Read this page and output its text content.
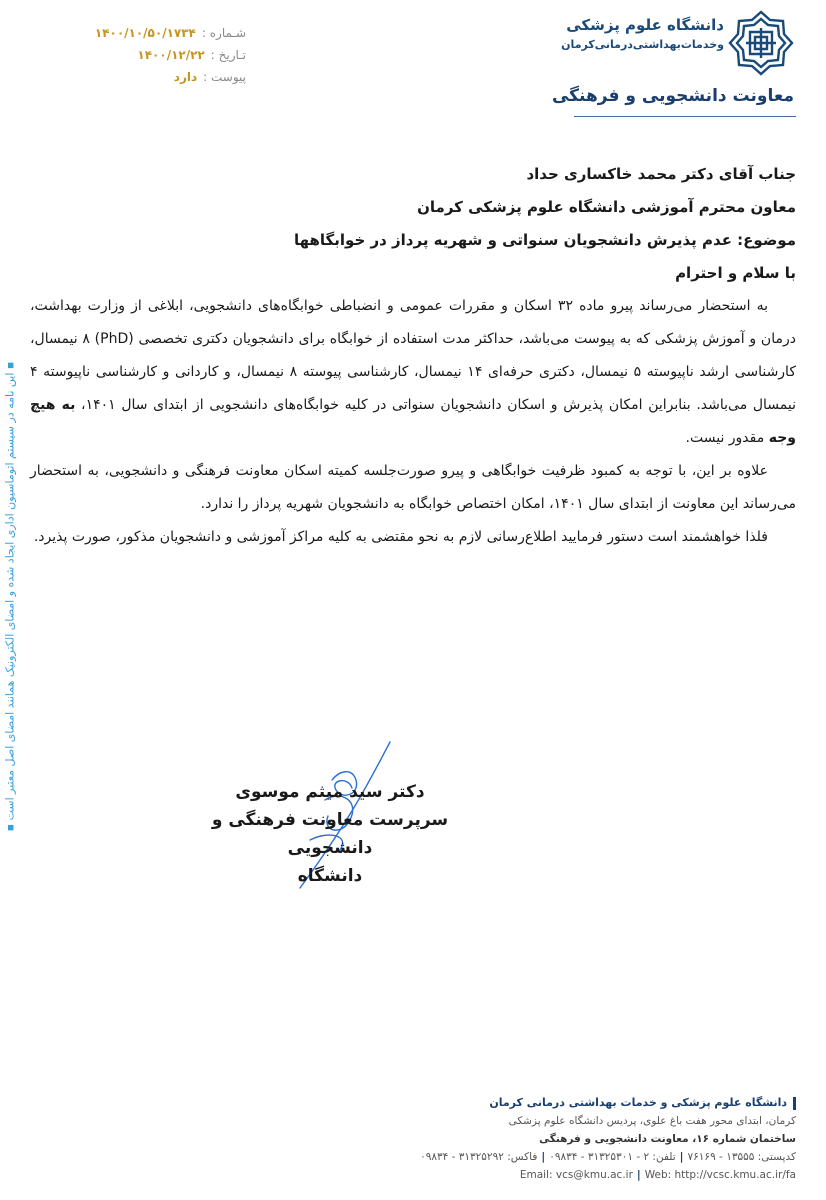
شـماره :
۱۴۰۰/۱۰/۵۰/۱۷۳۴
تـاریخ :
۱۴۰۰/۱۲/۲۲
پیوست :
دارد
دانشگاه علوم پزشکی
وخدمات‌بهداشتی‌درمانی‌کرمان
معاونت دانشجویی و فرهنگی
جناب آقای دکتر محمد خاکساری حداد
معاون محترم آموزشی دانشگاه علوم پزشکی کرمان
موضوع: عدم پذیرش دانشجویان سنواتی و شهریه پرداز در خوابگاهها
با سلام و احترام

به استحضار می‌رساند پیرو ماده ۳۲ اسکان و مقررات عمومی و انضباطی خوابگاه‌های دانشجویی، ابلاغی از وزارت بهداشت، درمان و آموزش پزشکی که به پیوست می‌باشد، حداکثر مدت استفاده از خوابگاه برای دانشجویان دکتری تخصصی (PhD) ۸ نیمسال، کارشناسی ارشد ناپیوسته ۵ نیمسال، دکتری حرفه‌ای ۱۴ نیمسال، کارشناسی پیوسته ۸ نیمسال، و کاردانی و کارشناسی ناپیوسته ۴ نیمسال می‌باشد. بنابراین امکان پذیرش و اسکان دانشجویان سنواتی در کلیه خوابگاه‌های دانشجویی از ابتدای سال ۱۴۰۱، به هیچ وجه مقدور نیست.

علاوه بر این، با توجه به کمبود ظرفیت خوابگاهی و پیرو صورت‌جلسه کمیته اسکان معاونت فرهنگی و دانشجویی، به استحضار می‌رساند این معاونت از ابتدای سال ۱۴۰۱، امکان اختصاص خوابگاه به دانشجویان شهریه پرداز را ندارد.

فلذا خواهشمند است دستور فرمایید اطلاع‌رسانی لازم به نحو مقتضی به کلیه مراکز آموزشی و دانشجویان مذکور، صورت پذیرد.

دکتر سید میثم موسوی
سرپرست معاونت فرهنگی و دانشجویی
دانشگاه
▪ این نامه در سیستم اتوماسیون اداری ایجاد شده و امضای الکترونیک همانند امضای اصل معتبر است ▪
دانشگاه علوم پزشکی و خدمات بهداشتی درمانی کرمان
کرمان، ابتدای محور هفت باغ علوی، پردیس دانشگاه علوم پزشکی
ساختمان شماره ۱۶، معاونت دانشجویی و فرهنگی
کدپستی: ۱۳۵۵۵ - ۷۶۱۶۹|تلفن: ۲ - ۳۱۳۲۵۳۰۱ - ۰۹۸۳۴|فاکس: ۳۱۳۲۵۲۹۲ - ۰۹۸۳۴
Email: vcs@kmu.ac.ir | Web: http://vcsc.kmu.ac.ir/fa
